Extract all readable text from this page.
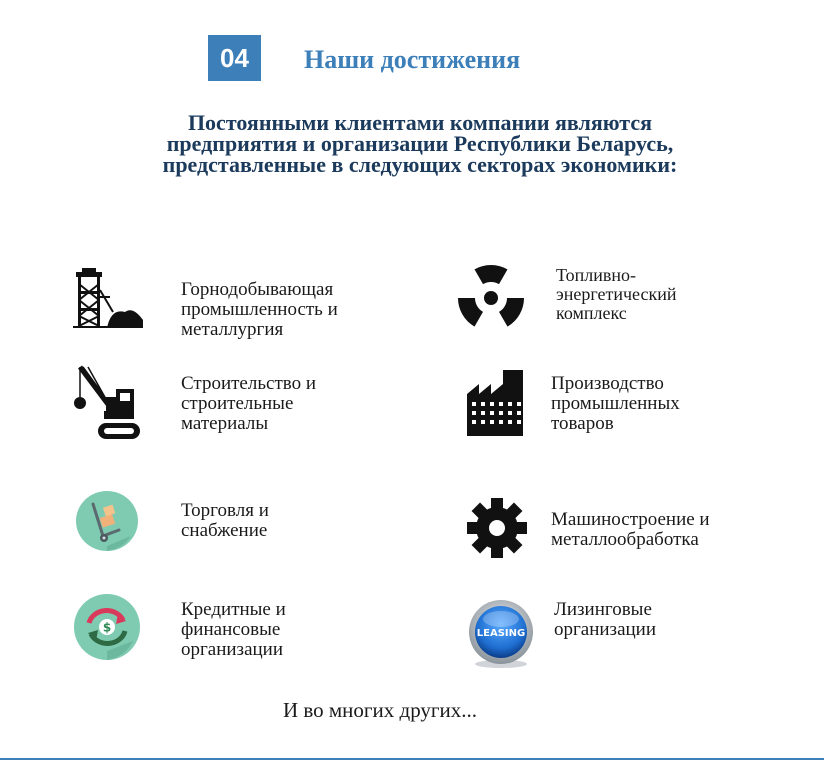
04	Наши достижения
Постоянными клиентами компании являются
предприятия и организации Республики Беларусь,
представленные в следующих секторах экономики:
Горнодобывающая
промышленность и
металлургия
Топливно-
энергетический
комплекс
Строительство и
строительные
материалы
Производство
промышленных
товаров
Торговля и
снабжение
Машиностроение и
металлообработка
$
Кредитные и
финансовые
организации
LEASING
Лизинговые
организации
И во многих других...
